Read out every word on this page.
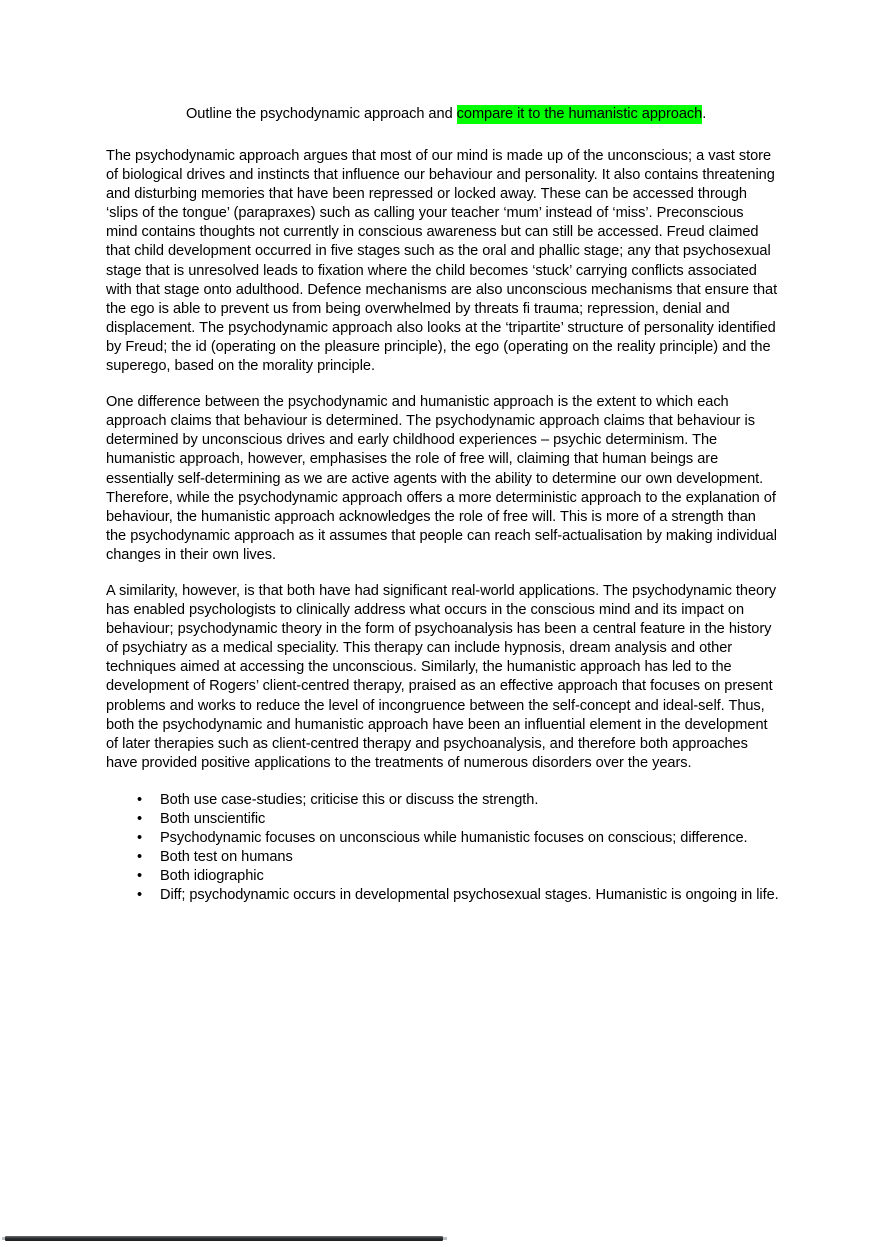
Outline the psychodynamic approach and compare it to the humanistic approach.

The psychodynamic approach argues that most of our mind is made up of the unconscious; a vast store of biological drives and instincts that influence our behaviour and personality. It also contains threatening and disturbing memories that have been repressed or locked away. These can be accessed through ‘slips of the tongue’ (parapraxes) such as calling your teacher ‘mum’ instead of ‘miss’. Preconscious mind contains thoughts not currently in conscious awareness but can still be accessed. Freud claimed that child development occurred in five stages such as the oral and phallic stage; any that psychosexual stage that is unresolved leads to fixation where the child becomes ‘stuck’ carrying conflicts associated with that stage onto adulthood. Defence mechanisms are also unconscious mechanisms that ensure that the ego is able to prevent us from being overwhelmed by threats fi trauma; repression, denial and displacement. The psychodynamic approach also looks at the ‘tripartite’ structure of personality identified by Freud; the id (operating on the pleasure principle), the ego (operating on the reality principle) and the superego, based on the morality principle.

One difference between the psychodynamic and humanistic approach is the extent to which each approach claims that behaviour is determined. The psychodynamic approach claims that behaviour is determined by unconscious drives and early childhood experiences – psychic determinism. The humanistic approach, however, emphasises the role of free will, claiming that human beings are essentially self-determining as we are active agents with the ability to determine our own development. Therefore, while the psychodynamic approach offers a more deterministic approach to the explanation of behaviour, the humanistic approach acknowledges the role of free will. This is more of a strength than the psychodynamic approach as it assumes that people can reach self-actualisation by making individual changes in their own lives.

A similarity, however, is that both have had significant real-world applications. The psychodynamic theory has enabled psychologists to clinically address what occurs in the conscious mind and its impact on behaviour; psychodynamic theory in the form of psychoanalysis has been a central feature in the history of psychiatry as a medical speciality. This therapy can include hypnosis, dream analysis and other techniques aimed at accessing the unconscious. Similarly, the humanistic approach has led to the development of Rogers’ client-centred therapy, praised as an effective approach that focuses on present problems and works to reduce the level of incongruence between the self-concept and ideal-self. Thus, both the psychodynamic and humanistic approach have been an influential element in the development of later therapies such as client-centred therapy and psychoanalysis, and therefore both approaches have provided positive applications to the treatments of numerous disorders over the years.

• Both use case-studies; criticise this or discuss the strength.
• Both unscientific
• Psychodynamic focuses on unconscious while humanistic focuses on conscious; difference.
• Both test on humans
• Both idiographic
• Diff; psychodynamic occurs in developmental psychosexual stages. Humanistic is ongoing in life.
